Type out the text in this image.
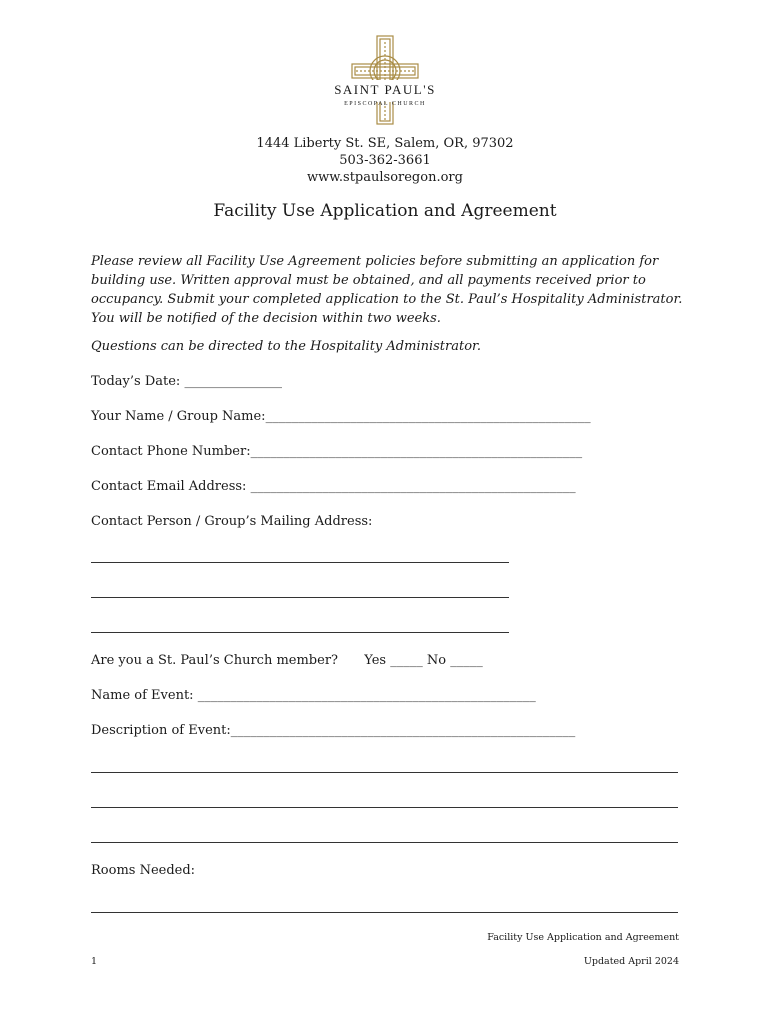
SAINT PAUL'S
EPISCOPAL CHURCH
1444 Liberty St. SE, Salem, OR, 97302
503-362-3661
www.stpaulsoregon.org
Facility Use Application and Agreement
Please review all Facility Use Agreement policies before submitting an application for building use. Written approval must be obtained, and all payments received prior to occupancy. Submit your completed application to the St. Paul’s Hospitality Administrator. You will be notified of the decision within two weeks.
Questions can be directed to the Hospitality Administrator.
Today’s Date: _______________
Your Name / Group Name:__________________________________________________
Contact Phone Number:___________________________________________________
Contact Email Address: __________________________________________________
Contact Person / Group’s Mailing Address:
Are you a St. Paul’s Church member? Yes _____ No _____
Name of Event: ____________________________________________________
Description of Event:_____________________________________________________
Rooms Needed:
Facility Use Application and Agreement
1	Updated April 2024
